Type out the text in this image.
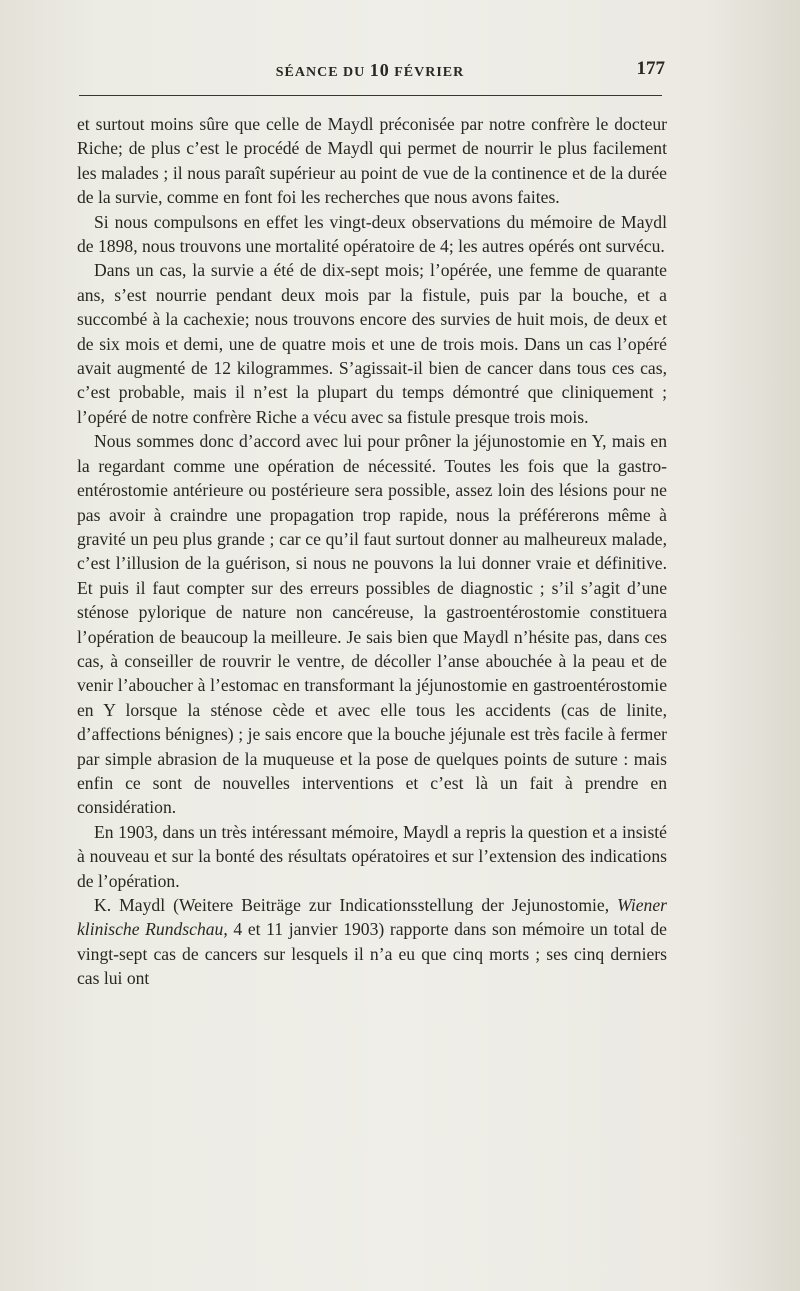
SÉANCE DU 10 FÉVRIER	177

et surtout moins sûre que celle de Maydl préconisée par notre confrère le docteur Riche; de plus c’est le procédé de Maydl qui permet de nourrir le plus facilement les malades ; il nous paraît supérieur au point de vue de la continence et de la durée de la survie, comme en font foi les recherches que nous avons faites.

Si nous compulsons en effet les vingt-deux observations du mémoire de Maydl de 1898, nous trouvons une mortalité opératoire de 4; les autres opérés ont survécu.

Dans un cas, la survie a été de dix-sept mois; l’opérée, une femme de quarante ans, s’est nourrie pendant deux mois par la fistule, puis par la bouche, et a succombé à la cachexie; nous trouvons encore des survies de huit mois, de deux et de six mois et demi, une de quatre mois et une de trois mois. Dans un cas l’opéré avait augmenté de 12 kilogrammes. S’agissait-il bien de cancer dans tous ces cas, c’est probable, mais il n’est la plupart du temps démontré que cliniquement ; l’opéré de notre confrère Riche a vécu avec sa fistule presque trois mois.

Nous sommes donc d’accord avec lui pour prôner la jéjunostomie en Y, mais en la regardant comme une opération de nécessité. Toutes les fois que la gastro-entérostomie antérieure ou postérieure sera possible, assez loin des lésions pour ne pas avoir à craindre une propagation trop rapide, nous la préférerons même à gravité un peu plus grande ; car ce qu’il faut surtout donner au malheureux malade, c’est l’illusion de la guérison, si nous ne pouvons la lui donner vraie et définitive. Et puis il faut compter sur des erreurs possibles de diagnostic ; s’il s’agit d’une sténose pylorique de nature non cancéreuse, la gastroentérostomie constituera l’opération de beaucoup la meilleure. Je sais bien que Maydl n’hésite pas, dans ces cas, à conseiller de rouvrir le ventre, de décoller l’anse abouchée à la peau et de venir l’aboucher à l’estomac en transformant la jéjunostomie en gastroentérostomie en Y lorsque la sténose cède et avec elle tous les accidents (cas de linite, d’affections bénignes) ; je sais encore que la bouche jéjunale est très facile à fermer par simple abrasion de la muqueuse et la pose de quelques points de suture : mais enfin ce sont de nouvelles interventions et c’est là un fait à prendre en considération.

En 1903, dans un très intéressant mémoire, Maydl a repris la question et a insisté à nouveau et sur la bonté des résultats opératoires et sur l’extension des indications de l’opération.

K. Maydl (Weitere Beiträge zur Indicationsstellung der Jejunostomie, Wiener klinische Rundschau, 4 et 11 janvier 1903) rapporte dans son mémoire un total de vingt-sept cas de cancers sur lesquels il n’a eu que cinq morts ; ses cinq derniers cas lui ont
